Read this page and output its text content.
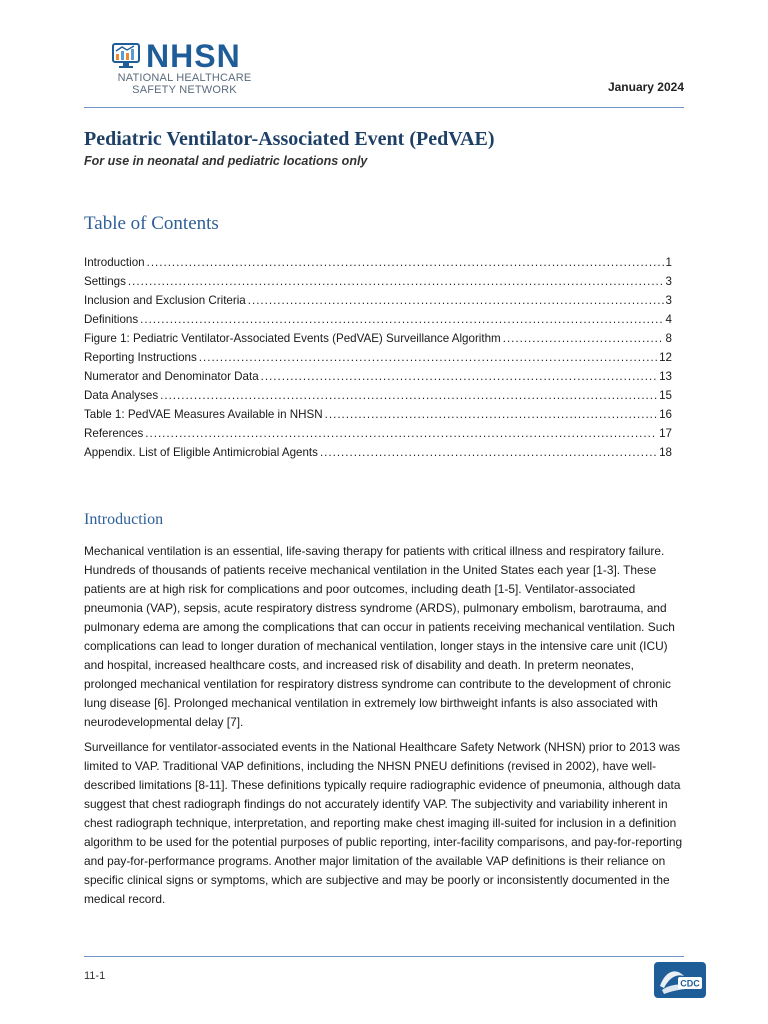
NHSN
NATIONAL HEALTHCARE
SAFETY NETWORK	January 2024
Pediatric Ventilator-Associated Event (PedVAE)
For use in neonatal and pediatric locations only
Table of Contents
Introduction .....	1
Settings .....	3
Inclusion and Exclusion Criteria .....	3
Definitions .....	4
Figure 1: Pediatric Ventilator-Associated Events (PedVAE) Surveillance Algorithm .....	8
Reporting Instructions .....	12
Numerator and Denominator Data .....	13
Data Analyses .....	15
Table 1: PedVAE Measures Available in NHSN .....	16
References .....	17
Appendix. List of Eligible Antimicrobial Agents .....	18
Introduction

Mechanical ventilation is an essential, life-saving therapy for patients with critical illness and respiratory failure. Hundreds of thousands of patients receive mechanical ventilation in the United States each year [1-3]. These patients are at high risk for complications and poor outcomes, including death [1-5]. Ventilator-associated pneumonia (VAP), sepsis, acute respiratory distress syndrome (ARDS), pulmonary embolism, barotrauma, and pulmonary edema are among the complications that can occur in patients receiving mechanical ventilation. Such complications can lead to longer duration of mechanical ventilation, longer stays in the intensive care unit (ICU) and hospital, increased healthcare costs, and increased risk of disability and death. In preterm neonates, prolonged mechanical ventilation for respiratory distress syndrome can contribute to the development of chronic lung disease [6]. Prolonged mechanical ventilation in extremely low birthweight infants is also associated with neurodevelopmental delay [7].

Surveillance for ventilator-associated events in the National Healthcare Safety Network (NHSN) prior to 2013 was limited to VAP. Traditional VAP definitions, including the NHSN PNEU definitions (revised in 2002), have well-described limitations [8-11]. These definitions typically require radiographic evidence of pneumonia, although data suggest that chest radiograph findings do not accurately identify VAP. The subjectivity and variability inherent in chest radiograph technique, interpretation, and reporting make chest imaging ill-suited for inclusion in a definition algorithm to be used for the potential purposes of public reporting, inter-facility comparisons, and pay-for-reporting and pay-for-performance programs. Another major limitation of the available VAP definitions is their reliance on specific clinical signs or symptoms, which are subjective and may be poorly or inconsistently documented in the medical record.

11-1
CDC
